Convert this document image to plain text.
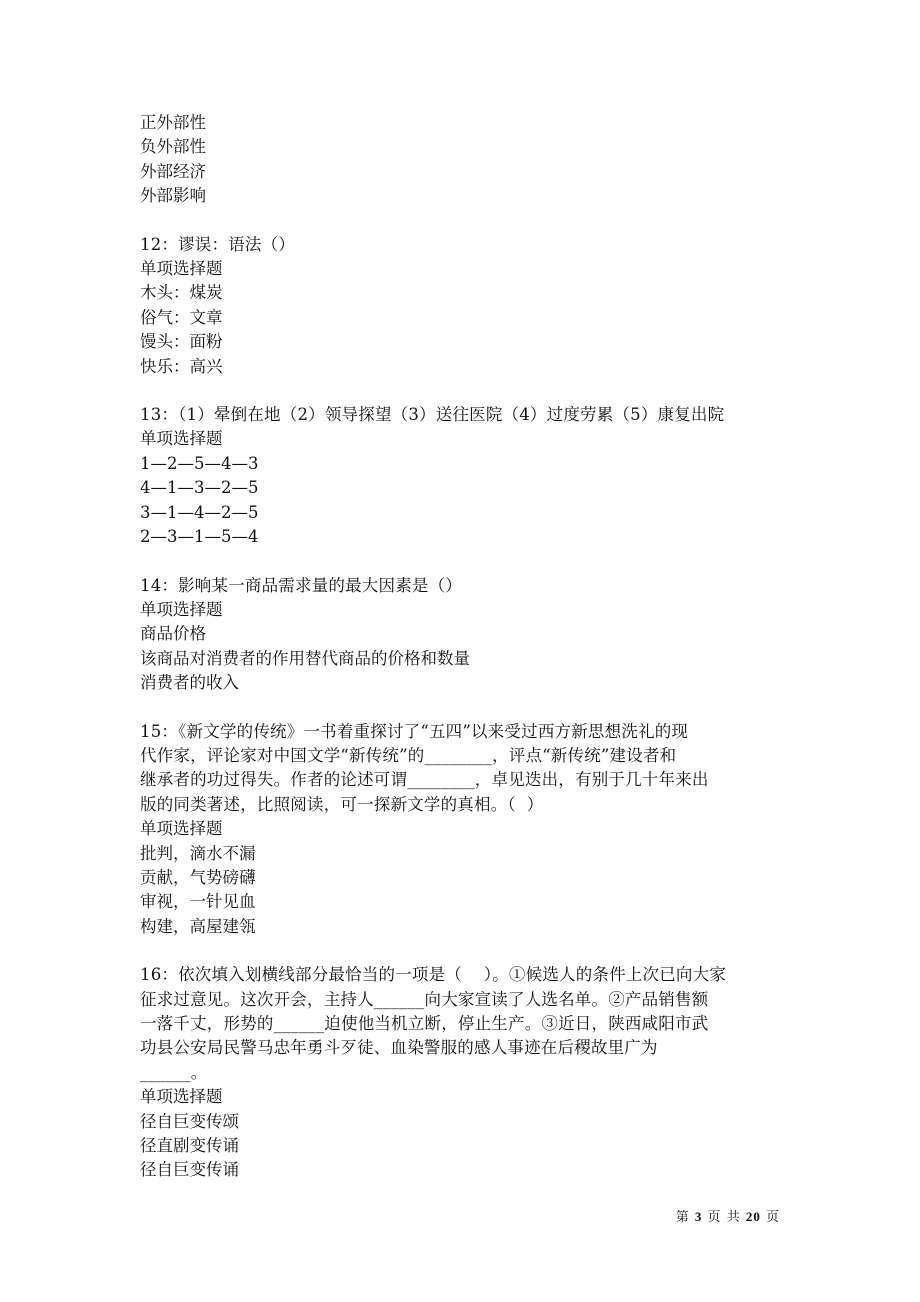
正外部性
负外部性
外部经济
外部影响
12：谬误：语法（）
单项选择题
木头：煤炭
俗气：文章
馒头：面粉
快乐：高兴
13：（1）晕倒在地（2）领导探望（3）送往医院（4）过度劳累（5）康复出院
单项选择题
1—2—5—4—3
4—1—3—2—5
3—1—4—2—5
2—3—1—5—4
14：影响某一商品需求量的最大因素是（）
单项选择题
商品价格
该商品对消费者的作用替代商品的价格和数量
消费者的收入
15：《新文学的传统》一书着重探讨了“五四”以来受过西方新思想洗礼的现
代作家，评论家对中国文学“新传统”的________，评点“新传统”建设者和
继承者的功过得失。作者的论述可谓________，卓见迭出，有别于几十年来出
版的同类著述，比照阅读，可一探新文学的真相。（  ）
单项选择题
批判，滴水不漏
贡献，气势磅礴
审视，一针见血
构建，高屋建瓴
16：依次填入划横线部分最恰当的一项是（    ）。①候选人的条件上次已向大家
征求过意见。这次开会，主持人______向大家宣读了人选名单。②产品销售额
一落千丈，形势的______迫使他当机立断，停止生产。③近日，陕西咸阳市武
功县公安局民警马忠年勇斗歹徒、血染警服的感人事迹在后稷故里广为
______。
单项选择题
径自巨变传颂
径直剧变传诵
径自巨变传诵
第 3 页 共 20 页
